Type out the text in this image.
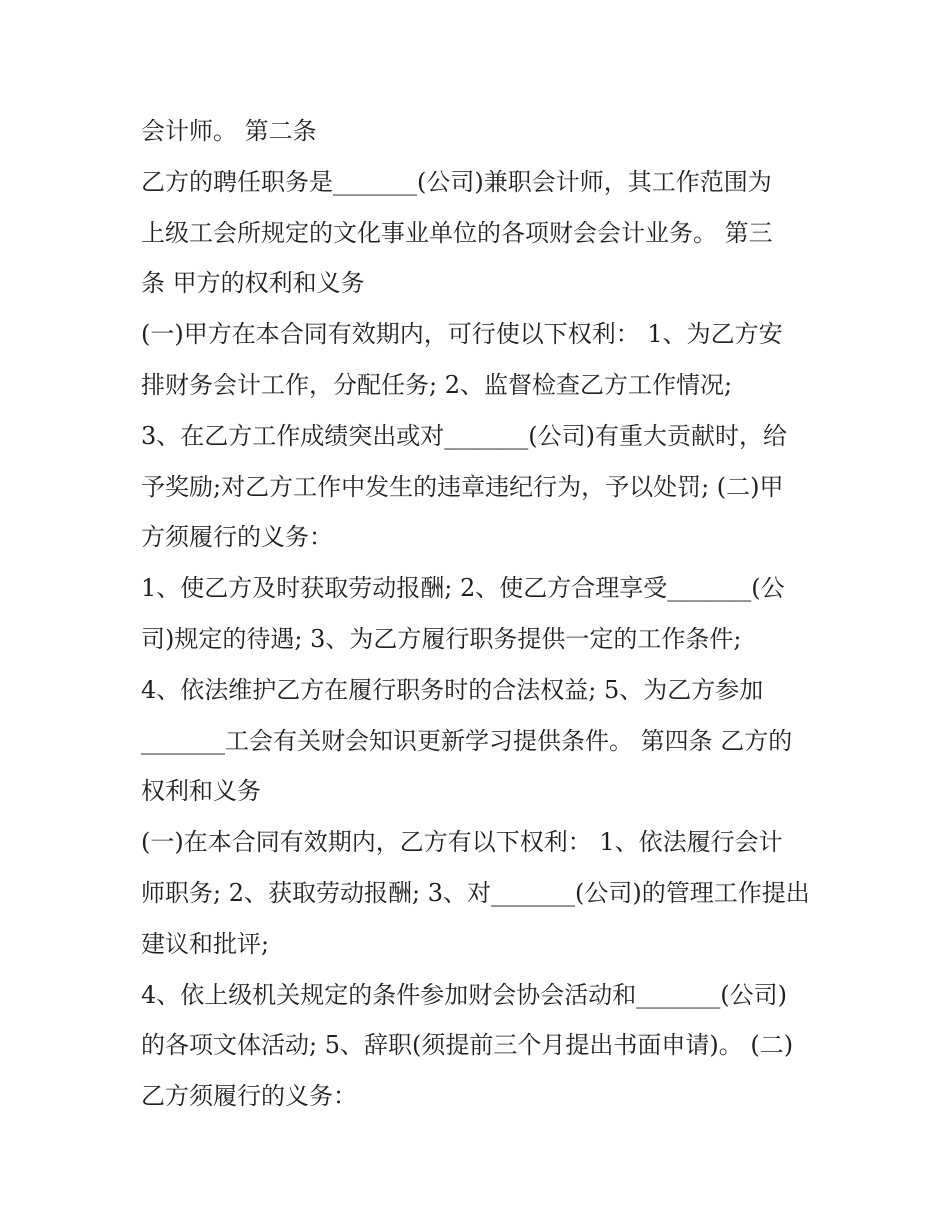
会计师。 第二条
乙方的聘任职务是_______(公司)兼职会计师，其工作范围为
上级工会所规定的文化事业单位的各项财会会计业务。 第三
条 甲方的权利和义务
(一)甲方在本合同有效期内，可行使以下权利： 1、为乙方安
排财务会计工作，分配任务; 2、监督检查乙方工作情况;
3、在乙方工作成绩突出或对_______(公司)有重大贡献时，给
予奖励;对乙方工作中发生的违章违纪行为，予以处罚; (二)甲
方须履行的义务：
1、使乙方及时获取劳动报酬; 2、使乙方合理享受_______(公
司)规定的待遇; 3、为乙方履行职务提供一定的工作条件;
4、依法维护乙方在履行职务时的合法权益; 5、为乙方参加
_______工会有关财会知识更新学习提供条件。 第四条 乙方的
权利和义务
(一)在本合同有效期内，乙方有以下权利： 1、依法履行会计
师职务; 2、获取劳动报酬; 3、对_______(公司)的管理工作提出
建议和批评;
4、依上级机关规定的条件参加财会协会活动和_______(公司)
的各项文体活动; 5、辞职(须提前三个月提出书面申请)。 (二)
乙方须履行的义务：
